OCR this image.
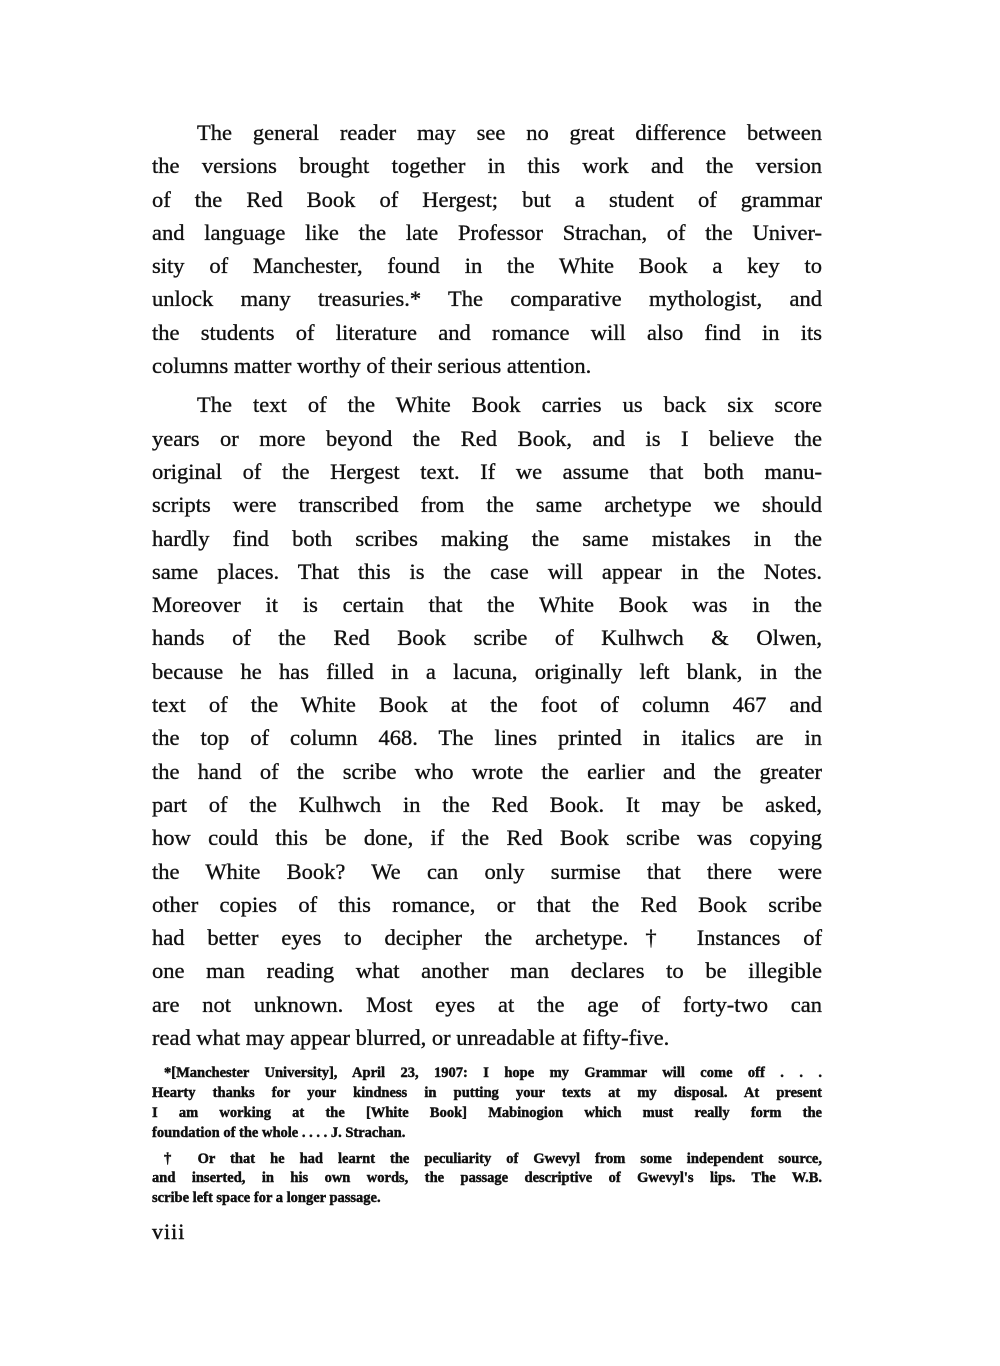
The general reader may see no great difference between
the versions brought together in this work and the version
of the Red Book of Hergest; but a student of grammar
and language like the late Professor Strachan, of the Univer-
sity of Manchester, found in the White Book a key to
unlock many treasuries.* The comparative mythologist, and
the students of literature and romance will also find in its
columns matter worthy of their serious attention.

The text of the White Book carries us back six score
years or more beyond the Red Book, and is I believe the
original of the Hergest text. If we assume that both manu-
scripts were transcribed from the same archetype we should
hardly find both scribes making the same mistakes in the
same places. That this is the case will appear in the Notes.
Moreover it is certain that the White Book was in the
hands of the Red Book scribe of Kulhwch & Olwen,
because he has filled in a lacuna, originally left blank, in the
text of the White Book at the foot of column 467 and
the top of column 468. The lines printed in italics are in
the hand of the scribe who wrote the earlier and the greater
part of the Kulhwch in the Red Book. It may be asked,
how could this be done, if the Red Book scribe was copying
the White Book? We can only surmise that there were
other copies of this romance, or that the Red Book scribe
had better eyes to decipher the archetype.† Instances of
one man reading what another man declares to be illegible
are not unknown. Most eyes at the age of forty-two can
read what may appear blurred, or unreadable at fifty-five.

*[Manchester University], April 23, 1907: I hope my Grammar will come off . . .
Hearty thanks for your kindness in putting your texts at my disposal. At present
I am working at the [White Book] Mabinogion which must really form the
foundation of the whole . . . . J. Strachan.
† Or that he had learnt the peculiarity of Gwevyl from some independent source,
and inserted, in his own words, the passage descriptive of Gwevyl's lips. The W.B.
scribe left space for a longer passage.
viii
